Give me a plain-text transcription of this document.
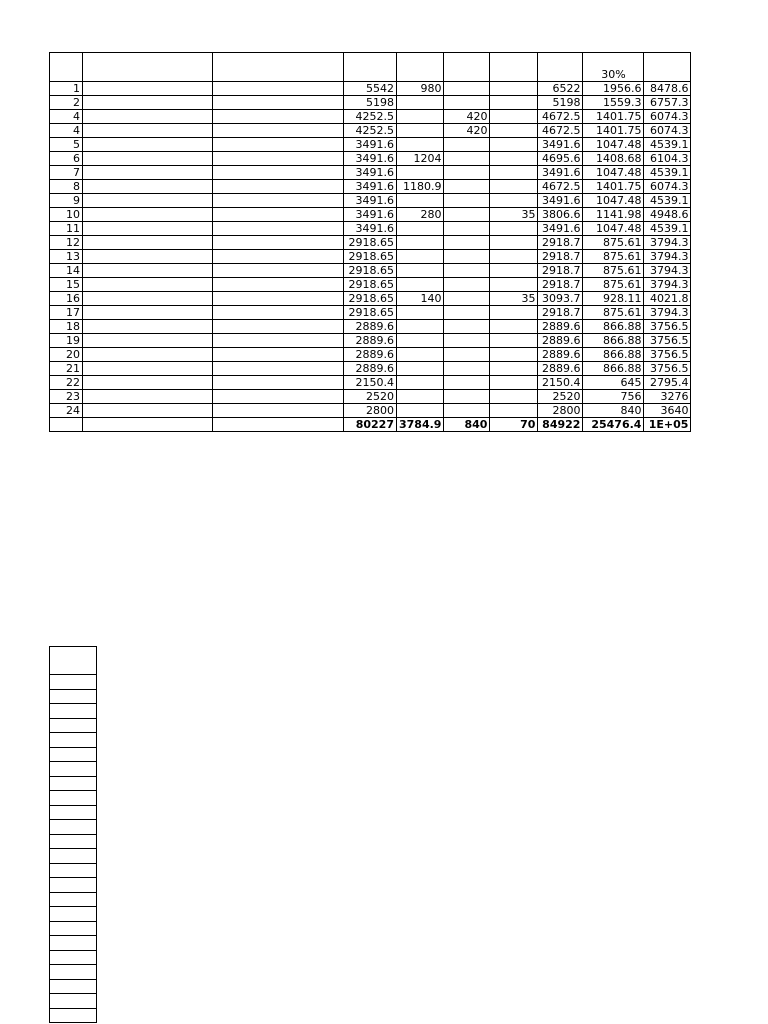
								30%	
1			5542	980			6522	1956.6	8478.6
2			5198				5198	1559.3	6757.3
4			4252.5		420		4672.5	1401.75	6074.3
4			4252.5		420		4672.5	1401.75	6074.3
5			3491.6				3491.6	1047.48	4539.1
6			3491.6	1204			4695.6	1408.68	6104.3
7			3491.6				3491.6	1047.48	4539.1
8			3491.6	1180.9			4672.5	1401.75	6074.3
9			3491.6				3491.6	1047.48	4539.1
10			3491.6	280		35	3806.6	1141.98	4948.6
11			3491.6				3491.6	1047.48	4539.1
12			2918.65				2918.7	875.61	3794.3
13			2918.65				2918.7	875.61	3794.3
14			2918.65				2918.7	875.61	3794.3
15			2918.65				2918.7	875.61	3794.3
16			2918.65	140		35	3093.7	928.11	4021.8
17			2918.65				2918.7	875.61	3794.3
18			2889.6				2889.6	866.88	3756.5
19			2889.6				2889.6	866.88	3756.5
20			2889.6				2889.6	866.88	3756.5
21			2889.6				2889.6	866.88	3756.5
22			2150.4				2150.4	645	2795.4
23			2520				2520	756	3276
24			2800				2800	840	3640
			80227	3784.9	840	70	84922	25476.4	1E+05
